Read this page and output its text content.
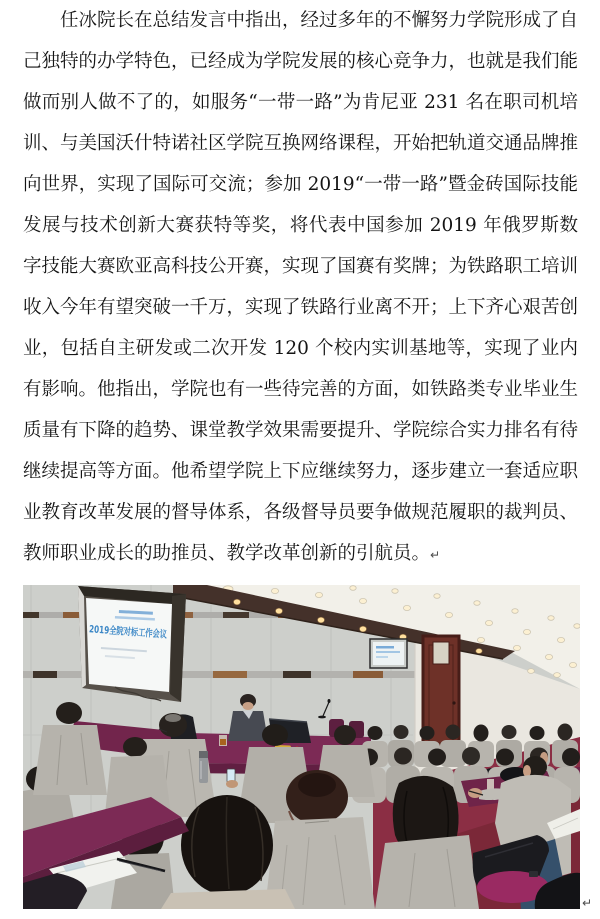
任冰院长在总结发言中指出，经过多年的不懈努力学院形成了自己独特的办学特色，已经成为学院发展的核心竞争力，也就是我们能做而别人做不了的，如服务“一带一路”为肯尼亚 231 名在职司机培训、与美国沃什特诺社区学院互换网络课程，开始把轨道交通品牌推向世界，实现了国际可交流；参加 2019“一带一路”暨金砖国际技能发展与技术创新大赛获特等奖，将代表中国参加 2019 年俄罗斯数字技能大赛欧亚高科技公开赛，实现了国赛有奖牌；为铁路职工培训收入今年有望突破一千万，实现了铁路行业离不开；上下齐心艰苦创业，包括自主研发或二次开发 120 个校内实训基地等，实现了业内有影响。他指出，学院也有一些待完善的方面，如铁路类专业毕业生质量有下降的趋势、课堂教学效果需要提升、学院综合实力排名有待继续提高等方面。他希望学院上下应继续努力，逐步建立一套适应职业教育改革发展的督导体系，各级督导员要争做规范履职的裁判员、教师职业成长的助推员、教学改革创新的引航员。↵

2019全院对标工作会议
↵
